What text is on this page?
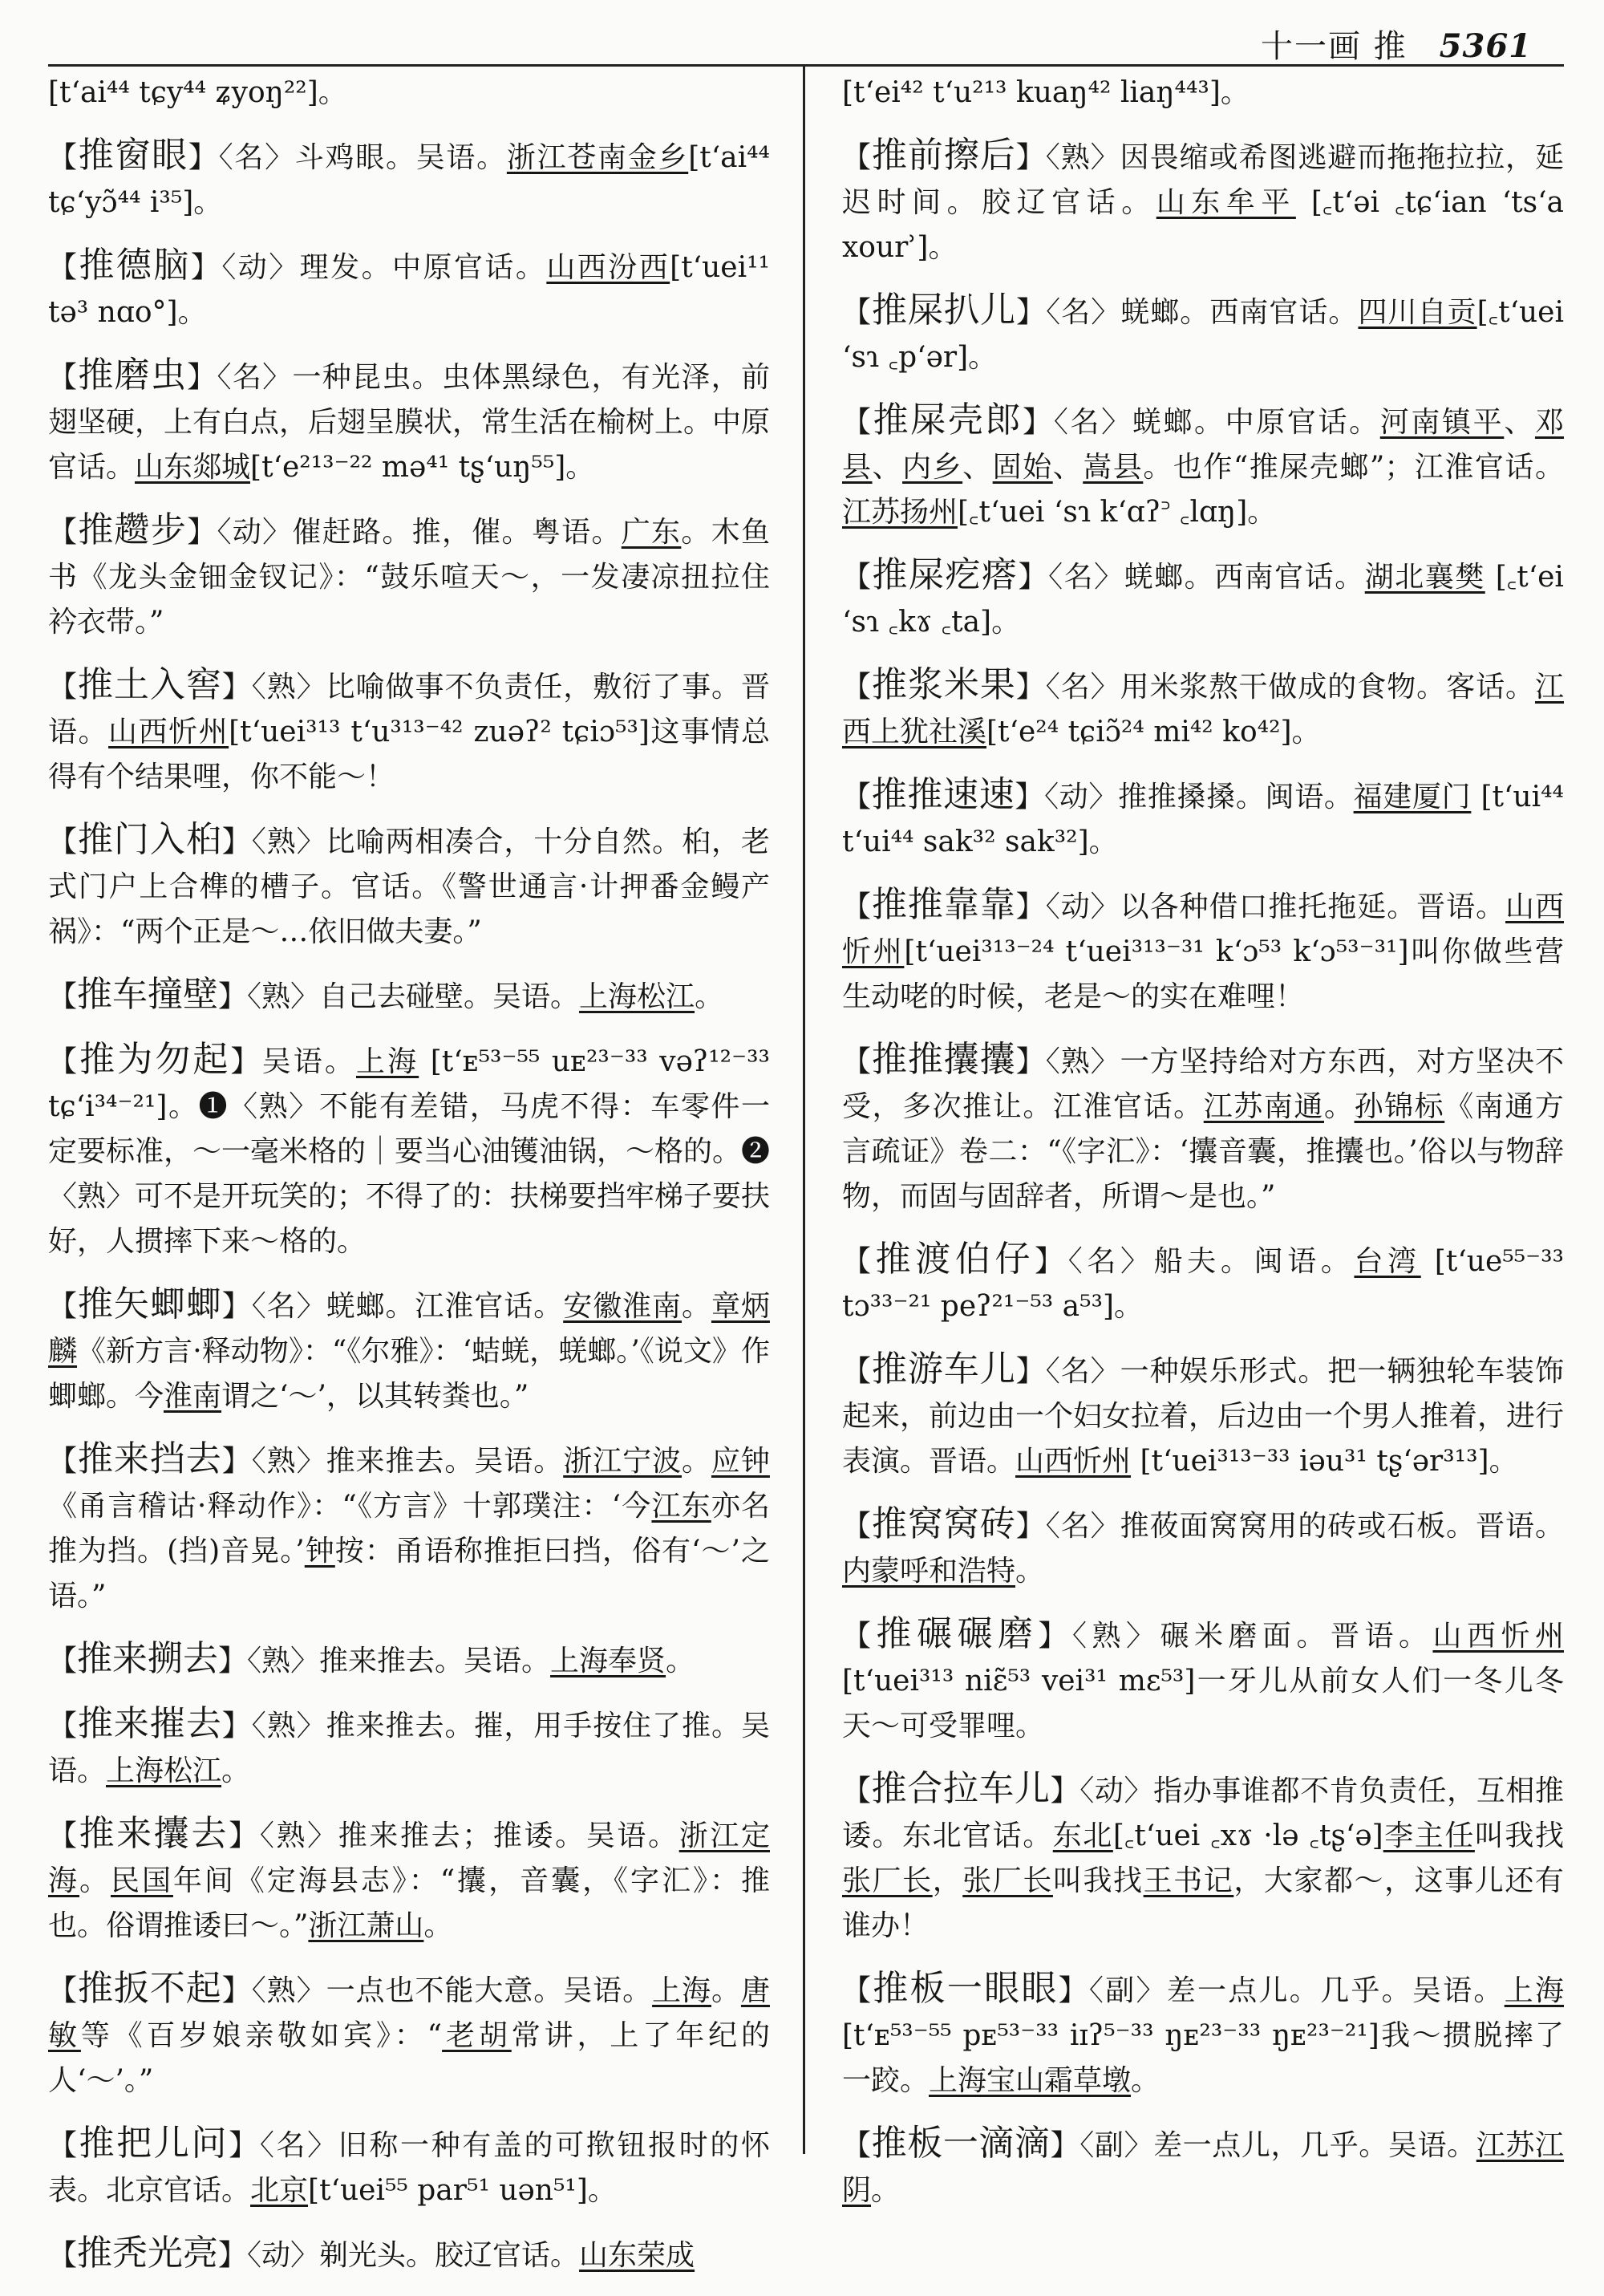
十一画 推 5361

[tʻai⁴⁴ tɕy⁴⁴ ʑyoŋ²²]。

【推窗眼】〈名〉斗鸡眼。吴语。浙江苍南金乡[tʻai⁴⁴ tɕʻyɔ̃⁴⁴ i³⁵]。

【推德脑】〈动〉理发。中原官话。山西汾西[tʻuei¹¹ tə³ nɑo°]。

【推磨虫】〈名〉一种昆虫。虫体黑绿色，有光泽，前翅坚硬，上有白点，后翅呈膜状，常生活在榆树上。中原官话。山东郯城[tʻe²¹³⁻²² mə⁴¹ tʂʻuŋ⁵⁵]。

【推趱步】〈动〉催赶路。推，催。粤语。广东。木鱼书《龙头金钿金钗记》：“鼓乐喧天～，一发凄凉扭拉住衿衣带。”

【推土入窖】〈熟〉比喻做事不负责任，敷衍了事。晋语。山西忻州[tʻuei³¹³ tʻu³¹³⁻⁴² zuəʔ² tɕiɔ⁵³]这事情总得有个结果哩，你不能～！

【推门入桕】〈熟〉比喻两相凑合，十分自然。桕，老式门户上合榫的槽子。官话。《警世通言·计押番金鳗产祸》：“两个正是～…依旧做夫妻。”

【推车撞壁】〈熟〉自己去碰壁。吴语。上海松江。

【推为勿起】吴语。上海 [tʻᴇ⁵³⁻⁵⁵ uᴇ²³⁻³³ vəʔ¹²⁻³³ tɕʻi³⁴⁻²¹]。❶〈熟〉不能有差错，马虎不得：车零件一定要标准，～一毫米格的｜要当心油镬油锅，～格的。❷〈熟〉可不是开玩笑的；不得了的：扶梯要挡牢梯子要扶好，人掼摔下来～格的。

【推矢蝍蝍】〈名〉蜣螂。江淮官话。安徽淮南。章炳麟《新方言·释动物》：“《尔雅》：‘蛣蜣，蜣螂。’《说文》作蝍螂。今淮南谓之‘～’，以其转粪也。”

【推来挡去】〈熟〉推来推去。吴语。浙江宁波。应钟《甬言稽诂·释动作》：“《方言》十郭璞注：‘今江东亦名推为挡。(挡)音晃。’钟按：甬语称推拒曰挡，俗有‘～’之语。”

【推来搠去】〈熟〉推来推去。吴语。上海奉贤。

【推来摧去】〈熟〉推来推去。摧，用手按住了推。吴语。上海松江。

【推来攮去】〈熟〉推来推去；推诿。吴语。浙江定海。民国年间《定海县志》：“攮，音囊，《字汇》：推也。俗谓推诿曰～。”浙江萧山。

【推扳不起】〈熟〉一点也不能大意。吴语。上海。唐敏等《百岁娘亲敬如宾》：“老胡常讲，上了年纪的人‘～’。”

【推把儿问】〈名〉旧称一种有盖的可揿钮报时的怀表。北京官话。北京[tʻuei⁵⁵ par⁵¹ uən⁵¹]。

【推秃光亮】〈动〉剃光头。胶辽官话。山东荣成

[tʻei⁴² tʻu²¹³ kuaŋ⁴² liaŋ⁴⁴³]。

【推前擦后】〈熟〉因畏缩或希图逃避而拖拖拉拉，延迟时间。胶辽官话。山东牟平 [꜀tʻəi ꜀tɕʻian ʻtsʻa xourʾ]。

【推屎扒儿】〈名〉蜣螂。西南官话。四川自贡[꜀tʻuei ʻsɿ ꜀pʻər]。

【推屎壳郎】〈名〉蜣螂。中原官话。河南镇平、邓县、内乡、固始、嵩县。也作“推屎壳螂”；江淮官话。江苏扬州[꜀tʻuei ʻsɿ kʻɑʔ꜄ ꜀lɑŋ]。

【推屎疙瘩】〈名〉蜣螂。西南官话。湖北襄樊 [꜀tʻei ʻsɿ ꜀kɤ ꜀ta]。

【推浆米果】〈名〉用米浆熬干做成的食物。客话。江西上犹社溪[tʻe²⁴ tɕiɔ̃²⁴ mi⁴² ko⁴²]。

【推推速速】〈动〉推推搡搡。闽语。福建厦门 [tʻui⁴⁴ tʻui⁴⁴ sak³² sak³²]。

【推推靠靠】〈动〉以各种借口推托拖延。晋语。山西忻州[tʻuei³¹³⁻²⁴ tʻuei³¹³⁻³¹ kʻɔ⁵³ kʻɔ⁵³⁻³¹]叫你做些营生动咾的时候，老是～的实在难哩！

【推推攮攮】〈熟〉一方坚持给对方东西，对方坚决不受，多次推让。江淮官话。江苏南通。孙锦标《南通方言疏证》卷二：“《字汇》：‘攮音囊，推攮也。’俗以与物辞物，而固与固辞者，所谓～是也。”

【推渡伯仔】〈名〉船夫。闽语。台湾 [tʻue⁵⁵⁻³³ tɔ³³⁻²¹ peʔ²¹⁻⁵³ a⁵³]。

【推游车儿】〈名〉一种娱乐形式。把一辆独轮车装饰起来，前边由一个妇女拉着，后边由一个男人推着，进行表演。晋语。山西忻州 [tʻuei³¹³⁻³³ iəu³¹ tʂʻər³¹³]。

【推窝窝砖】〈名〉推莜面窝窝用的砖或石板。晋语。内蒙呼和浩特。

【推碾碾磨】〈熟〉碾米磨面。晋语。山西忻州[tʻuei³¹³ niɛ̃⁵³ vei³¹ mɛ⁵³]一牙儿从前女人们一冬儿冬天～可受罪哩。

【推合拉车儿】〈动〉指办事谁都不肯负责任，互相推诿。东北官话。东北[꜀tʻuei ꜀xɤ ·lə ꜀tʂʻə]李主任叫我找张厂长，张厂长叫我找王书记，大家都～，这事儿还有谁办！

【推板一眼眼】〈副〉差一点儿。几乎。吴语。上海 [tʻᴇ⁵³⁻⁵⁵ pᴇ⁵³⁻³³ iɪʔ⁵⁻³³ ŋᴇ²³⁻³³ ŋᴇ²³⁻²¹]我～掼脱摔了一跤。上海宝山霜草墩。

【推板一滴滴】〈副〉差一点儿，几乎。吴语。江苏江阴。
